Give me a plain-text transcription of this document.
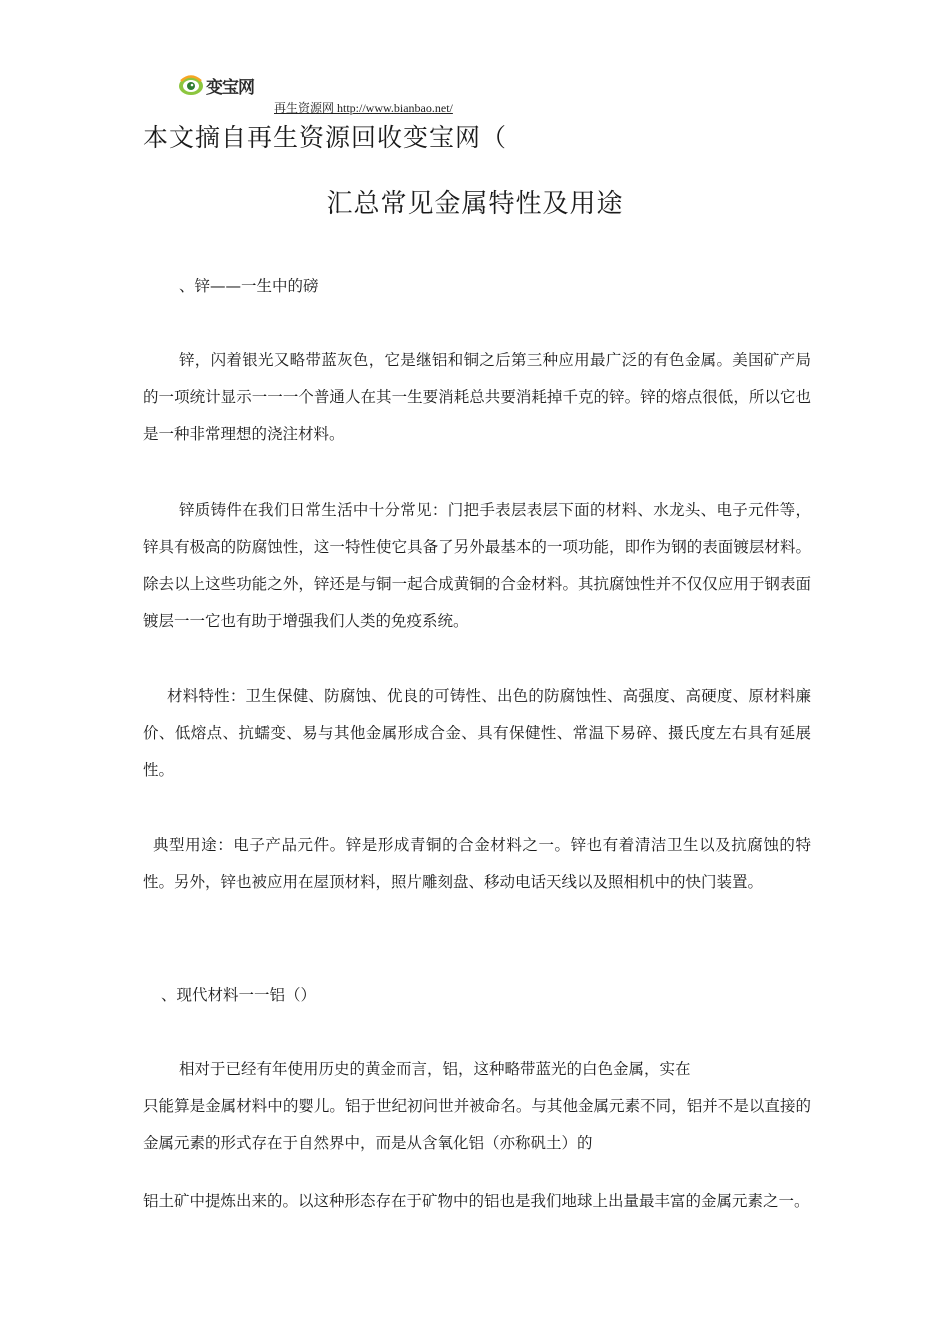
变宝网
再生资源网 http://www.bianbao.net/
本文摘自再生资源回收变宝网（
汇总常见金属特性及用途

、锌——一生中的磅

锌，闪着银光又略带蓝灰色，它是继铝和铜之后第三种应用最广泛的有色金属。美国矿产局的一项统计显示一一一个普通人在其一生要消耗总共要消耗掉千克的锌。锌的熔点很低，所以它也是一种非常理想的浇注材料。

锌质铸件在我们日常生活中十分常见：门把手表层表层下面的材料、水龙头、电子元件等，锌具有极高的防腐蚀性，这一特性使它具备了另外最基本的一项功能，即作为钢的表面镀层材料。除去以上这些功能之外，锌还是与铜一起合成黄铜的合金材料。其抗腐蚀性并不仅仅应用于钢表面镀层一一它也有助于增强我们人类的免疫系统。

材料特性：卫生保健、防腐蚀、优良的可铸性、出色的防腐蚀性、高强度、高硬度、原材料廉价、低熔点、抗蠕变、易与其他金属形成合金、具有保健性、常温下易碎、摄氏度左右具有延展性。

典型用途：电子产品元件。锌是形成青铜的合金材料之一。锌也有着清洁卫生以及抗腐蚀的特性。另外，锌也被应用在屋顶材料，照片雕刻盘、移动电话天线以及照相机中的快门装置。

、现代材料一一铝（）

相对于已经有年使用历史的黄金而言，铝，这种略带蓝光的白色金属，实在

只能算是金属材料中的婴儿。铝于世纪初问世并被命名。与其他金属元素不同，铝并不是以直接的金属元素的形式存在于自然界中，而是从含氧化铝（亦称矾土）的

铝土矿中提炼出来的。以这种形态存在于矿物中的铝也是我们地球上出量最丰富的金属元素之一。
